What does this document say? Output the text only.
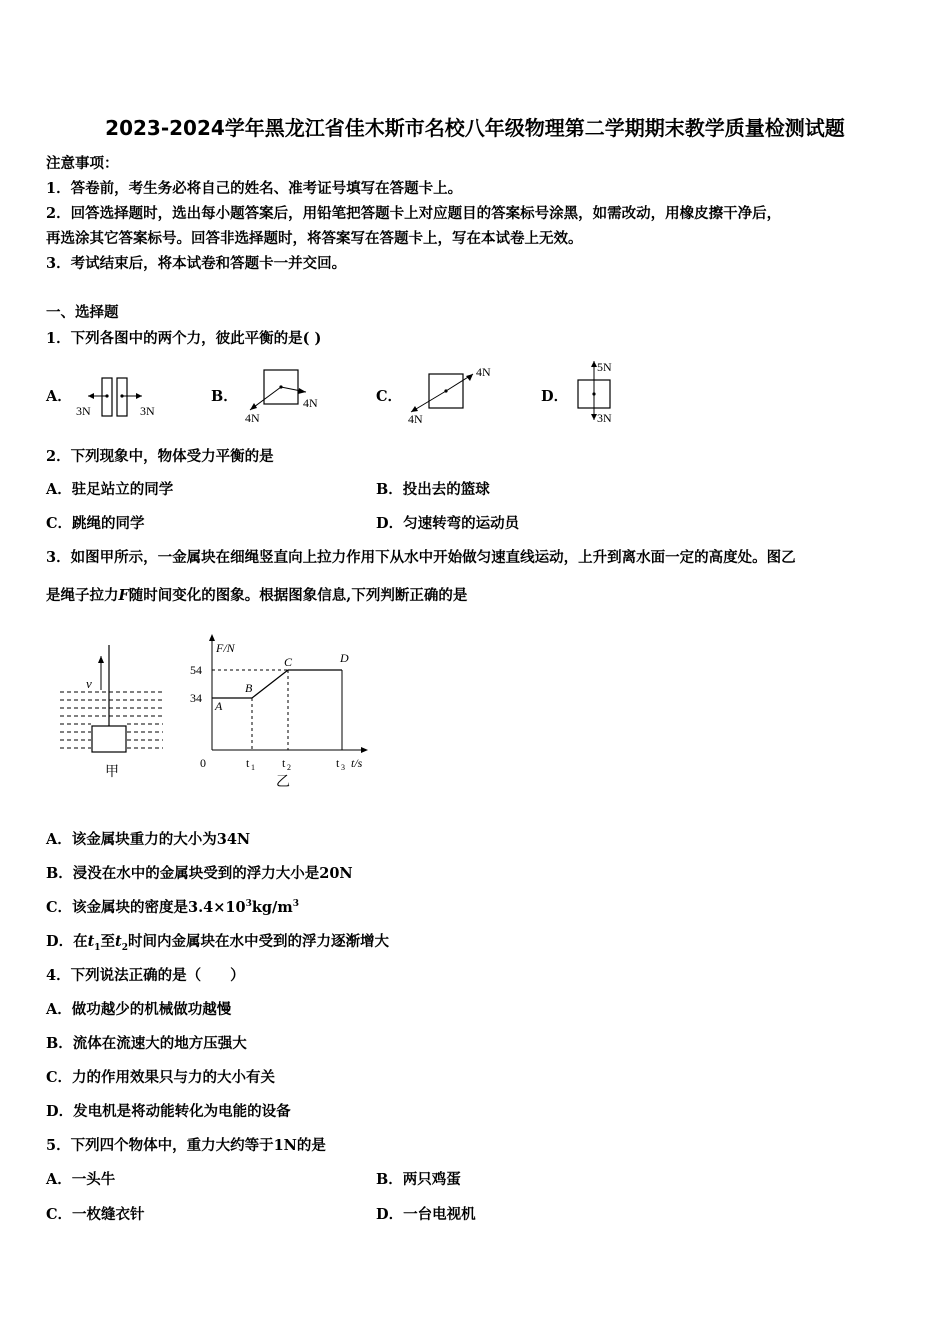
2023-2024学年黑龙江省佳木斯市名校八年级物理第二学期期末教学质量检测试题
注意事项：
1．答卷前，考生务必将自己的姓名、准考证号填写在答题卡上。
2．回答选择题时，选出每小题答案后，用铅笔把答题卡上对应题目的答案标号涂黑，如需改动，用橡皮擦干净后，
再选涂其它答案标号。回答非选择题时，将答案写在答题卡上，写在本试卷上无效。
3．考试结束后，将本试卷和答题卡一并交回。
一、选择题
1．下列各图中的两个力，彼此平衡的是( )
A．	B．	C．	D．
3N	3N
4N
4N
4N
4N
5N
3N
2．下列现象中，物体受力平衡的是
A．驻足站立的同学	B．投出去的篮球
C．跳绳的同学	D．匀速转弯的运动员
3．如图甲所示，一金属块在细绳竖直向上拉力作用下从水中开始做匀速直线运动，上升到离水面一定的高度处。图乙
是绳子拉力F随时间变化的图象。根据图象信息,下列判断正确的是
v
甲
F/N
t/s
0
54
34
A
B
C	D
t 1 t 2	t 3
乙
A．该金属块重力的大小为34N
B．浸没在水中的金属块受到的浮力大小是20N
C．该金属块的密度是$3.4\times 10^3kg/m^3$
D．在$t_1$至$t_2$时间内金属块在水中受到的浮力逐渐增大
4．下列说法正确的是（　　）
A．做功越少的机械做功越慢
B．流体在流速大的地方压强大
C．力的作用效果只与力的大小有关
D．发电机是将动能转化为电能的设备
5．下列四个物体中，重力大约等于1N的是
A．一头牛	B．两只鸡蛋
C．一枚缝衣针	D．一台电视机
